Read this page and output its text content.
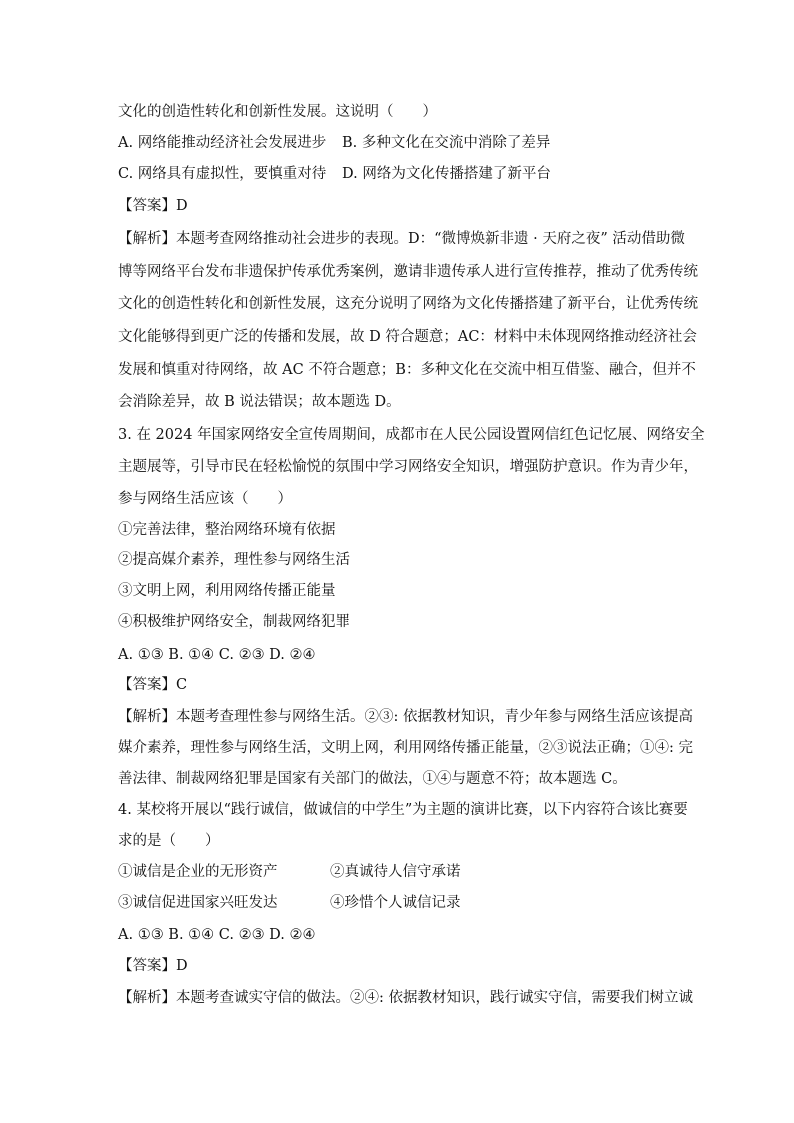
文化的创造性转化和创新性发展。这说明（　　）
A. 网络能推动经济社会发展进步 B. 多种文化在交流中消除了差异
C. 网络具有虚拟性，要慎重对待 D. 网络为文化传播搭建了新平台
【答案】D
【解析】本题考查网络推动社会进步的表现。D：“微博焕新非遗 · 天府之夜” 活动借助微
博等网络平台发布非遗保护传承优秀案例，邀请非遗传承人进行宣传推荐，推动了优秀传统
文化的创造性转化和创新性发展，这充分说明了网络为文化传播搭建了新平台，让优秀传统
文化能够得到更广泛的传播和发展，故 D 符合题意；AC：材料中未体现网络推动经济社会
发展和慎重对待网络，故 AC 不符合题意；B：多种文化在交流中相互借鉴、融合，但并不
会消除差异，故 B 说法错误；故本题选 D。
3. 在 2024 年国家网络安全宣传周期间，成都市在人民公园设置网信红色记忆展、网络安全
主题展等，引导市民在轻松愉悦的氛围中学习网络安全知识，增强防护意识。作为青少年，
参与网络生活应该（　　）
①完善法律，整治网络环境有依据
②提高媒介素养，理性参与网络生活
③文明上网，利用网络传播正能量
④积极维护网络安全，制裁网络犯罪
A. ①③ B. ①④ C. ②③ D. ②④
【答案】C
【解析】本题考查理性参与网络生活。②③: 依据教材知识，青少年参与网络生活应该提高
媒介素养，理性参与网络生活，文明上网，利用网络传播正能量，②③说法正确；①④: 完
善法律、制裁网络犯罪是国家有关部门的做法，①④与题意不符；故本题选 C。
4. 某校将开展以“践行诚信，做诚信的中学生”为主题的演讲比赛，以下内容符合该比赛要
求的是（　　）
①诚信是企业的无形资产	②真诚待人信守承诺
③诚信促进国家兴旺发达	④珍惜个人诚信记录
A. ①③ B. ①④ C. ②③ D. ②④
【答案】D
【解析】本题考查诚实守信的做法。②④: 依据教材知识，践行诚实守信，需要我们树立诚
